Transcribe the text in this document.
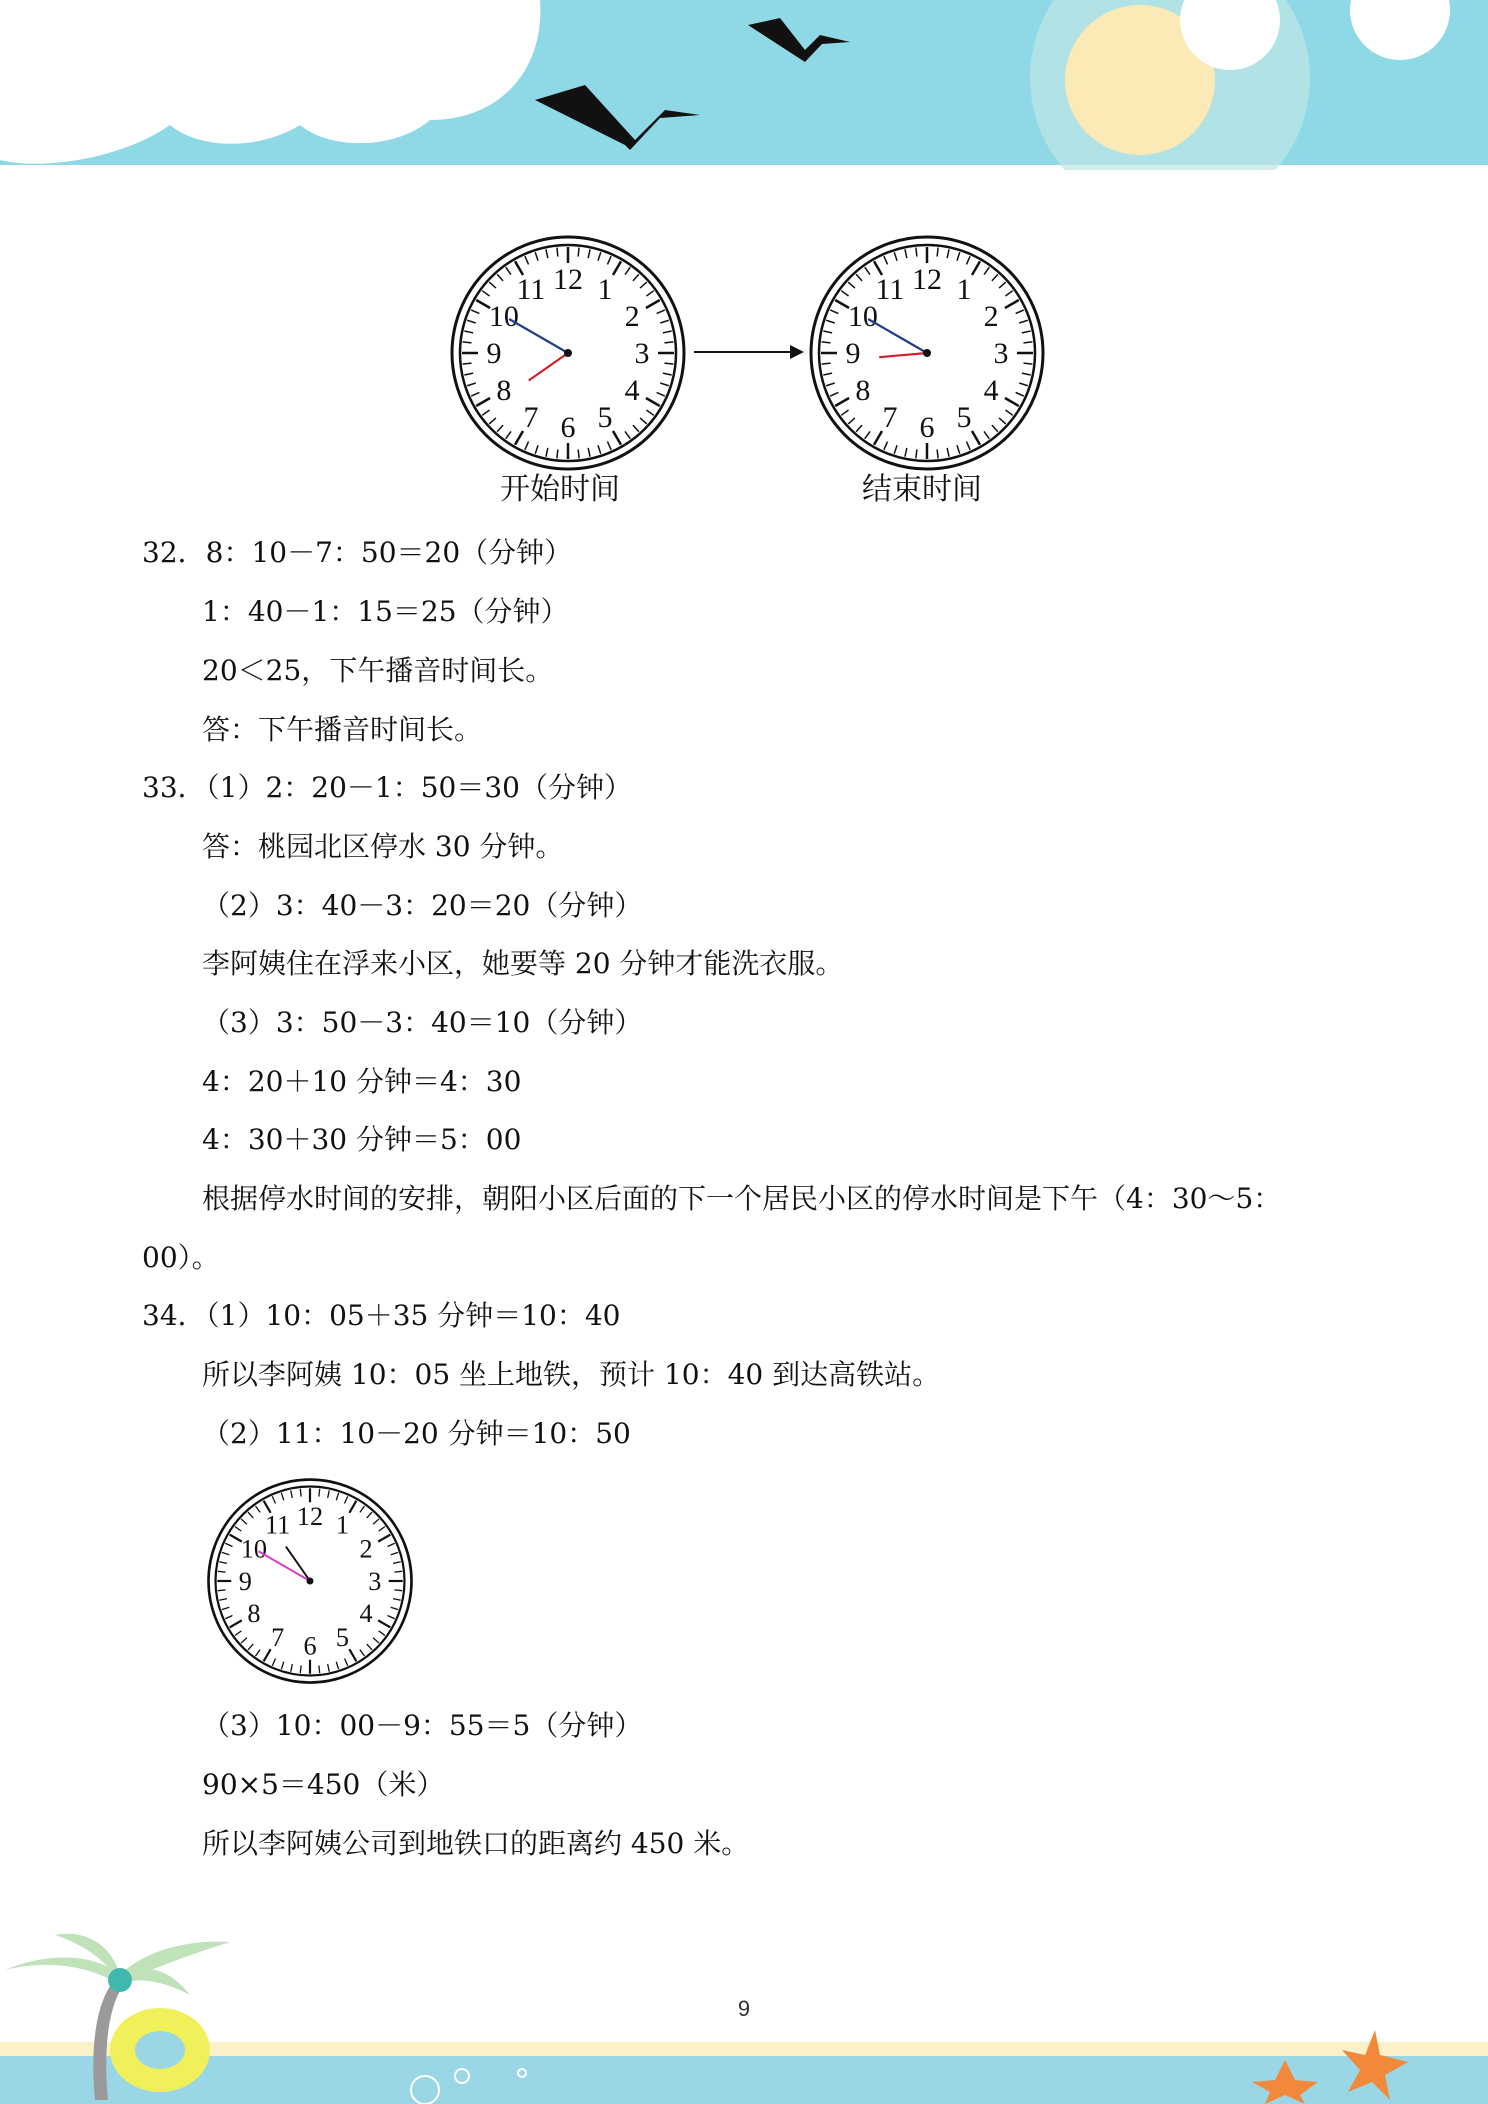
12 1
2
3
4
5
6
7
8
9
10
11	12 1
2
3
4
5
6
7
8
9
10
11
开始时间	结束时间
32．8：10－7：50＝20（分钟）
1：40－1：15＝25（分钟）
20＜25，下午播音时间长。
答：下午播音时间长。
33．（1）2：20－1：50＝30（分钟）
答：桃园北区停水 30 分钟。
（2）3：40－3：20＝20（分钟）
李阿姨住在浮来小区，她要等 20 分钟才能洗衣服。
（3）3：50－3：40＝10（分钟）
4：20＋10 分钟＝4：30
4：30＋30 分钟＝5：00
根据停水时间的安排，朝阳小区后面的下一个居民小区的停水时间是下午（4：30～5：
00）。
34．（1）10：05＋35 分钟＝10：40
所以李阿姨 10：05 坐上地铁，预计 10：40 到达高铁站。
（2）11：10－20 分钟＝10：50
12 1
2
3
4
5
6
7
8
9
10
11
（3）10：00－9：55＝5（分钟）
90×5＝450（米）
所以李阿姨公司到地铁口的距离约 450 米。
9
